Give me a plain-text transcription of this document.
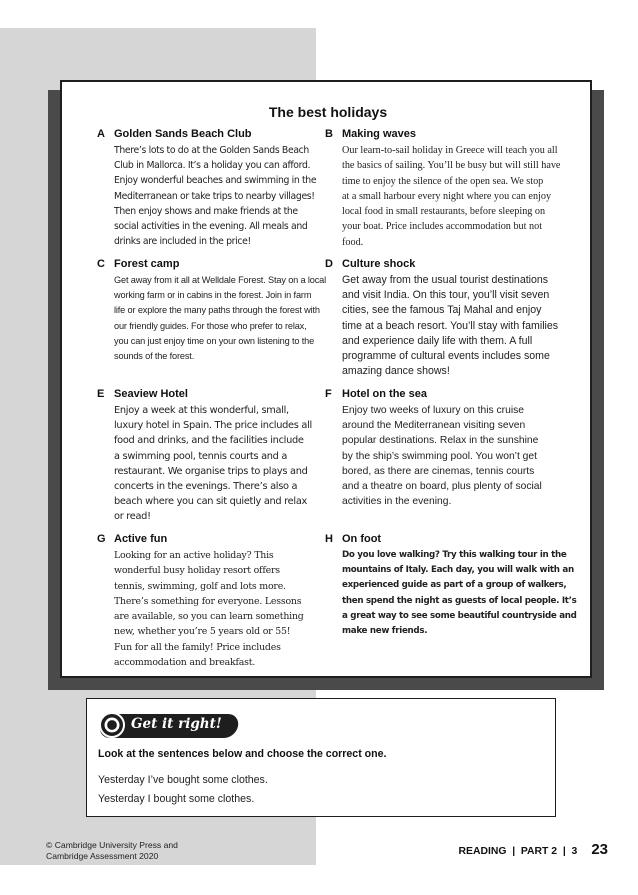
The best holidays
A Golden Sands Beach Club
There’s lots to do at the Golden Sands Beach
Club in Mallorca. It’s a holiday you can afford.
Enjoy wonderful beaches and swimming in the
Mediterranean or take trips to nearby villages!
Then enjoy shows and make friends at the
social activities in the evening. All meals and
drinks are included in the price!
B Making waves
Our learn-to-sail holiday in Greece will teach you all
the basics of sailing. You’ll be busy but will still have
time to enjoy the silence of the open sea. We stop
at a small harbour every night where you can enjoy
local food in small restaurants, before sleeping on
your boat. Price includes accommodation but not
food.
C Forest camp
Get away from it all at Welldale Forest. Stay on a local
working farm or in cabins in the forest. Join in farm
life or explore the many paths through the forest with
our friendly guides. For those who prefer to relax,
you can just enjoy time on your own listening to the
sounds of the forest.
D Culture shock
Get away from the usual tourist destinations
and visit India. On this tour, you’ll visit seven
cities, see the famous Taj Mahal and enjoy
time at a beach resort. You’ll stay with families
and experience daily life with them. A full
programme of cultural events includes some
amazing dance shows!
E Seaview Hotel
Enjoy a week at this wonderful, small,
luxury hotel in Spain. The price includes all
food and drinks, and the facilities include
a swimming pool, tennis courts and a
restaurant. We organise trips to plays and
concerts in the evenings. There’s also a
beach where you can sit quietly and relax
or read!
F Hotel on the sea
Enjoy two weeks of luxury on this cruise
around the Mediterranean visiting seven
popular destinations. Relax in the sunshine
by the ship’s swimming pool. You won’t get
bored, as there are cinemas, tennis courts
and a theatre on board, plus plenty of social
activities in the evening.
G Active fun
Looking for an active holiday? This
wonderful busy holiday resort offers
tennis, swimming, golf and lots more.
There’s something for everyone. Lessons
are available, so you can learn something
new, whether you’re 5 years old or 55!
Fun for all the family! Price includes
accommodation and breakfast.
H On foot
Do you love walking? Try this walking tour in the
mountains of Italy. Each day, you will walk with an
experienced guide as part of a group of walkers,
then spend the night as guests of local people. It’s
a great way to see some beautiful countryside and
make new friends.
Get it right!
Look at the sentences below and choose the correct one.
Yesterday I’ve bought some clothes.
Yesterday I bought some clothes.
© Cambridge University Press and
Cambridge Assessment 2020	READING  |  PART 2  |  3 23
